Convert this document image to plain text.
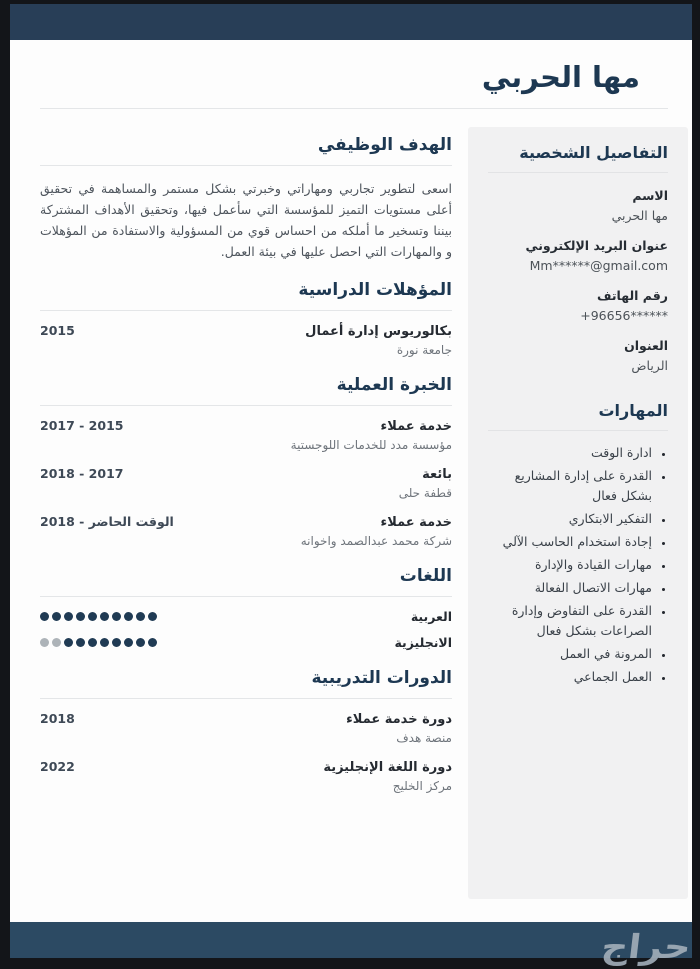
مها الحربي
التفاصيل الشخصية
الاسم
مها الحربي
عنوان البريد الإلكتروني
Mm******@gmail.com
رقم الهاتف
+96656******
العنوان
الرياض
المهارات
• ادارة الوقت
• القدرة على إدارة المشاريع بشكل فعال
• التفكير الابتكاري
• إجادة استخدام الحاسب الآلي
• مهارات القيادة والإدارة
• مهارات الاتصال الفعالة
• القدرة على التفاوض وإدارة الصراعات بشكل فعال
• المرونة في العمل
• العمل الجماعي
الهدف الوظيفي

اسعى لتطوير تجاربي ومهاراتي وخبرتي بشكل مستمر والمساهمة في تحقيق أعلى مستويات التميز للمؤسسة التي سأعمل فيها، وتحقيق الأهداف المشتركة بيننا وتسخير ما أملكه من احساس قوي من المسؤولية والاستفادة من المؤهلات و والمهارات التي احصل عليها في بيئة العمل.

المؤهلات الدراسية
بكالوريوس إدارة أعمال
2015
جامعة نورة
الخبرة العملية
خدمة عملاء
2017 - 2015
مؤسسة مدد للخدمات اللوجستية
بائعة
2018 - 2017
قطفة حلى
خدمة عملاء
2018 - الوقت الحاضر
شركة محمد عبدالصمد واخوانه
اللغات
العربية
الانجليزية
الدورات التدريبية
دورة خدمة عملاء
2018
منصة هدف
دورة اللغة الإنجليزية
2022
مركز الخليج
حراج
